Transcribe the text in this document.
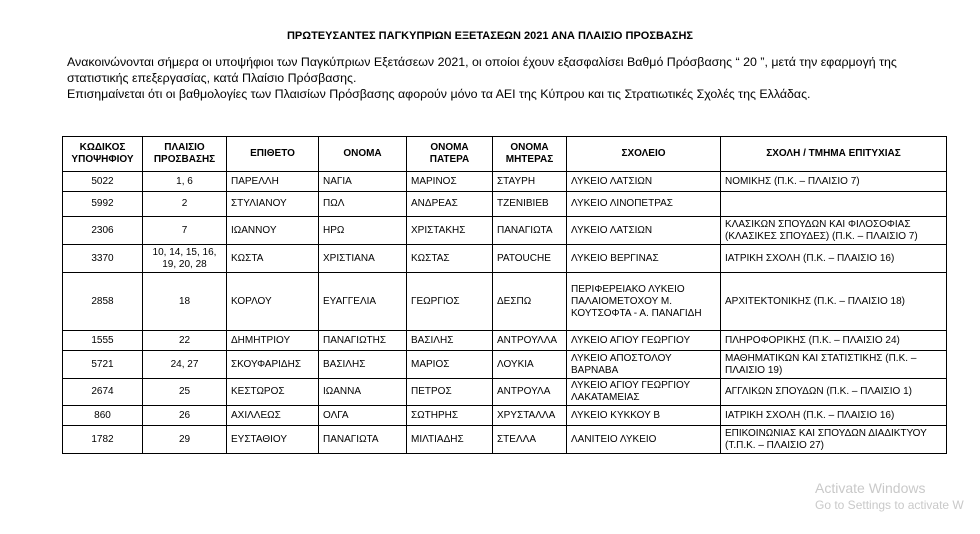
ΠΡΩΤΕΥΣΑΝΤΕΣ ΠΑΓΚΥΠΡΙΩΝ ΕΞΕΤΑΣΕΩΝ 2021 ΑΝΑ ΠΛΑΙΣΙΟ ΠΡΟΣΒΑΣΗΣ

Ανακοινώνονται σήμερα οι υποψήφιοι των Παγκύπριων Εξετάσεων 2021, οι οποίοι έχουν εξασφαλίσει Βαθμό Πρόσβασης “ 20 ”, μετά την εφαρμογή της στατιστικής επεξεργασίας, κατά Πλαίσιο Πρόσβασης.

Επισημαίνεται ότι οι βαθμολογίες των Πλαισίων Πρόσβασης αφορούν μόνο τα ΑΕΙ της Κύπρου και τις Στρατιωτικές Σχολές της Ελλάδας.

ΚΩΔΙΚΟΣ ΥΠΟΨΗΦΙΟΥ	ΠΛΑΙΣΙΟ ΠΡΟΣΒΑΣΗΣ	ΕΠΙΘΕΤΟ	ΟΝΟΜΑ	ΟΝΟΜΑ ΠΑΤΕΡΑ	ΟΝΟΜΑ ΜΗΤΕΡΑΣ	ΣΧΟΛΕΙΟ	ΣΧΟΛΗ / ΤΜΗΜΑ ΕΠΙΤΥΧΙΑΣ
5022	1, 6	ΠΑΡΕΛΛΗ	ΝΑΓΙΑ	ΜΑΡΙΝΟΣ	ΣΤΑΥΡΗ	ΛΥΚΕΙΟ ΛΑΤΣΙΩΝ	ΝΟΜΙΚΗΣ (Π.Κ. – ΠΛΑΙΣΙΟ 7)
5992	2	ΣΤΥΛΙΑΝΟΥ	ΠΩΛ	ΑΝΔΡΕΑΣ	ΤΖΕΝΙΒΙΕΒ	ΛΥΚΕΙΟ ΛΙΝΟΠΕΤΡΑΣ	
2306	7	ΙΩΑΝΝΟΥ	ΗΡΩ	ΧΡΙΣΤΑΚΗΣ	ΠΑΝΑΓΙΩΤΑ	ΛΥΚΕΙΟ ΛΑΤΣΙΩΝ	ΚΛΑΣΙΚΩΝ ΣΠΟΥΔΩΝ ΚΑΙ ΦΙΛΟΣΟΦΙΑΣ (ΚΛΑΣΙΚΕΣ ΣΠΟΥΔΕΣ) (Π.Κ. – ΠΛΑΙΣΙΟ 7)
3370	10, 14, 15, 16, 19, 20, 28	ΚΩΣΤΑ	ΧΡΙΣΤΙΑΝΑ	ΚΩΣΤΑΣ	PATOUCHE	ΛΥΚΕΙΟ ΒΕΡΓΙΝΑΣ	ΙΑΤΡΙΚΗ ΣΧΟΛΗ (Π.Κ. – ΠΛΑΙΣΙΟ 16)
2858	18	ΚΟΡΛΟΥ	ΕΥΑΓΓΕΛΙΑ	ΓΕΩΡΓΙΟΣ	ΔΕΣΠΩ	ΠΕΡΙΦΕΡΕΙΑΚΟ ΛΥΚΕΙΟ ΠΑΛΑΙΟΜΕΤΟΧΟΥ Μ. ΚΟΥΤΣΟΦΤΑ - Α. ΠΑΝΑΓΙΔΗ	ΑΡΧΙΤΕΚΤΟΝΙΚΗΣ (Π.Κ. – ΠΛΑΙΣΙΟ 18)
1555	22	ΔΗΜΗΤΡΙΟΥ	ΠΑΝΑΓΙΩΤΗΣ	ΒΑΣΙΛΗΣ	ΑΝΤΡΟΥΛΛΑ	ΛΥΚΕΙΟ ΑΓΙΟΥ ΓΕΩΡΓΙΟΥ	ΠΛΗΡΟΦΟΡΙΚΗΣ (Π.Κ. – ΠΛΑΙΣΙΟ 24)
5721	24, 27	ΣΚΟΥΦΑΡΙΔΗΣ	ΒΑΣΙΛΗΣ	ΜΑΡΙΟΣ	ΛΟΥΚΙΑ	ΛΥΚΕΙΟ ΑΠΟΣΤΟΛΟΥ ΒΑΡΝΑΒΑ	ΜΑΘΗΜΑΤΙΚΩΝ ΚΑΙ ΣΤΑΤΙΣΤΙΚΗΣ (Π.Κ. – ΠΛΑΙΣΙΟ 19)
2674	25	ΚΕΣΤΩΡΟΣ	ΙΩΑΝΝΑ	ΠΕΤΡΟΣ	ΑΝΤΡΟΥΛΑ	ΛΥΚΕΙΟ ΑΓΙΟΥ ΓΕΩΡΓΙΟΥ ΛΑΚΑΤΑΜΕΙΑΣ	ΑΓΓΛΙΚΩΝ ΣΠΟΥΔΩΝ (Π.Κ. – ΠΛΑΙΣΙΟ 1)
860	26	ΑΧΙΛΛΕΩΣ	ΟΛΓΑ	ΣΩΤΗΡΗΣ	ΧΡΥΣΤΑΛΛΑ	ΛΥΚΕΙΟ ΚΥΚΚΟΥ Β	ΙΑΤΡΙΚΗ ΣΧΟΛΗ (Π.Κ. – ΠΛΑΙΣΙΟ 16)
1782	29	ΕΥΣΤΑΘΙΟΥ	ΠΑΝΑΓΙΩΤΑ	ΜΙΛΤΙΑΔΗΣ	ΣΤΕΛΛΑ	ΛΑΝΙΤΕΙΟ ΛΥΚΕΙΟ	ΕΠΙΚΟΙΝΩΝΙΑΣ ΚΑΙ ΣΠΟΥΔΩΝ ΔΙΑΔΙΚΤΥΟΥ (Τ.Π.Κ. – ΠΛΑΙΣΙΟ 27)
Activate Windows
Go to Settings to activate W
